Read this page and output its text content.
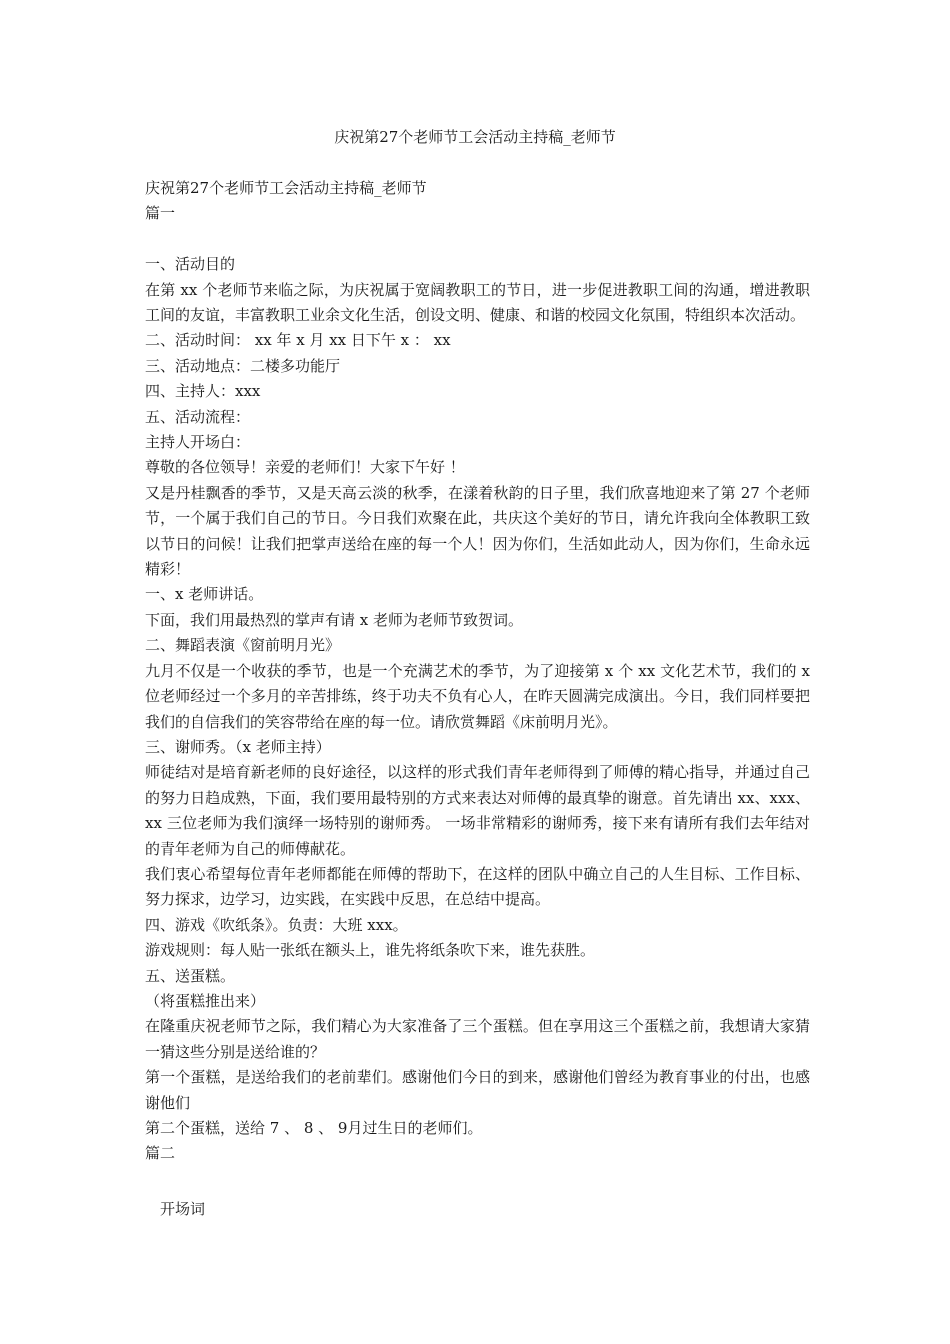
庆祝第27个老师节工会活动主持稿_老师节

庆祝第27个老师节工会活动主持稿_老师节

篇一

一、活动目的

在第 xx 个老师节来临之际，为庆祝属于宽阔教职工的节日，进一步促进教职工间的沟通，增进教职工间的友谊，丰富教职工业余文化生活，创设文明、健康、和谐的校园文化氛围，特组织本次活动。

二、活动时间： xx 年 x 月 xx 日下午 x ： xx

三、活动地点：二楼多功能厅

四、主持人：xxx

五、活动流程：

主持人开场白：

尊敬的各位领导！亲爱的老师们！大家下午好 ！

又是丹桂飘香的季节，又是天高云淡的秋季，在漾着秋韵的日子里，我们欣喜地迎来了第 27 个老师节，一个属于我们自己的节日。今日我们欢聚在此，共庆这个美好的节日，请允许我向全体教职工致以节日的问候！让我们把掌声送给在座的每一个人！因为你们，生活如此动人，因为你们，生命永远精彩！

一、x 老师讲话。

下面，我们用最热烈的掌声有请 x 老师为老师节致贺词。

二、舞蹈表演《窗前明月光》

九月不仅是一个收获的季节，也是一个充满艺术的季节，为了迎接第 x 个 xx 文化艺术节，我们的 x 位老师经过一个多月的辛苦排练，终于功夫不负有心人，在昨天圆满完成演出。今日，我们同样要把我们的自信我们的笑容带给在座的每一位。请欣赏舞蹈《床前明月光》。

三、谢师秀。（x 老师主持）

师徒结对是培育新老师的良好途径，以这样的形式我们青年老师得到了师傅的精心指导，并通过自己的努力日趋成熟，下面，我们要用最特别的方式来表达对师傅的最真挚的谢意。首先请出 xx、xxx、xx 三位老师为我们演绎一场特别的谢师秀。 一场非常精彩的谢师秀，接下来有请所有我们去年结对的青年老师为自己的师傅献花。

我们衷心希望每位青年老师都能在师傅的帮助下，在这样的团队中确立自己的人生目标、工作目标、努力探求，边学习，边实践，在实践中反思，在总结中提高。

四、游戏《吹纸条》。负责：大班 xxx。

游戏规则：每人贴一张纸在额头上，谁先将纸条吹下来，谁先获胜。

五、送蛋糕。

（将蛋糕推出来）

在隆重庆祝老师节之际，我们精心为大家准备了三个蛋糕。但在享用这三个蛋糕之前，我想请大家猜一猜这些分别是送给谁的？

第一个蛋糕，是送给我们的老前辈们。感谢他们今日的到来，感谢他们曾经为教育事业的付出，也感谢他们

第二个蛋糕，送给 7 、 8 、 9月过生日的老师们。

篇二

开场词
